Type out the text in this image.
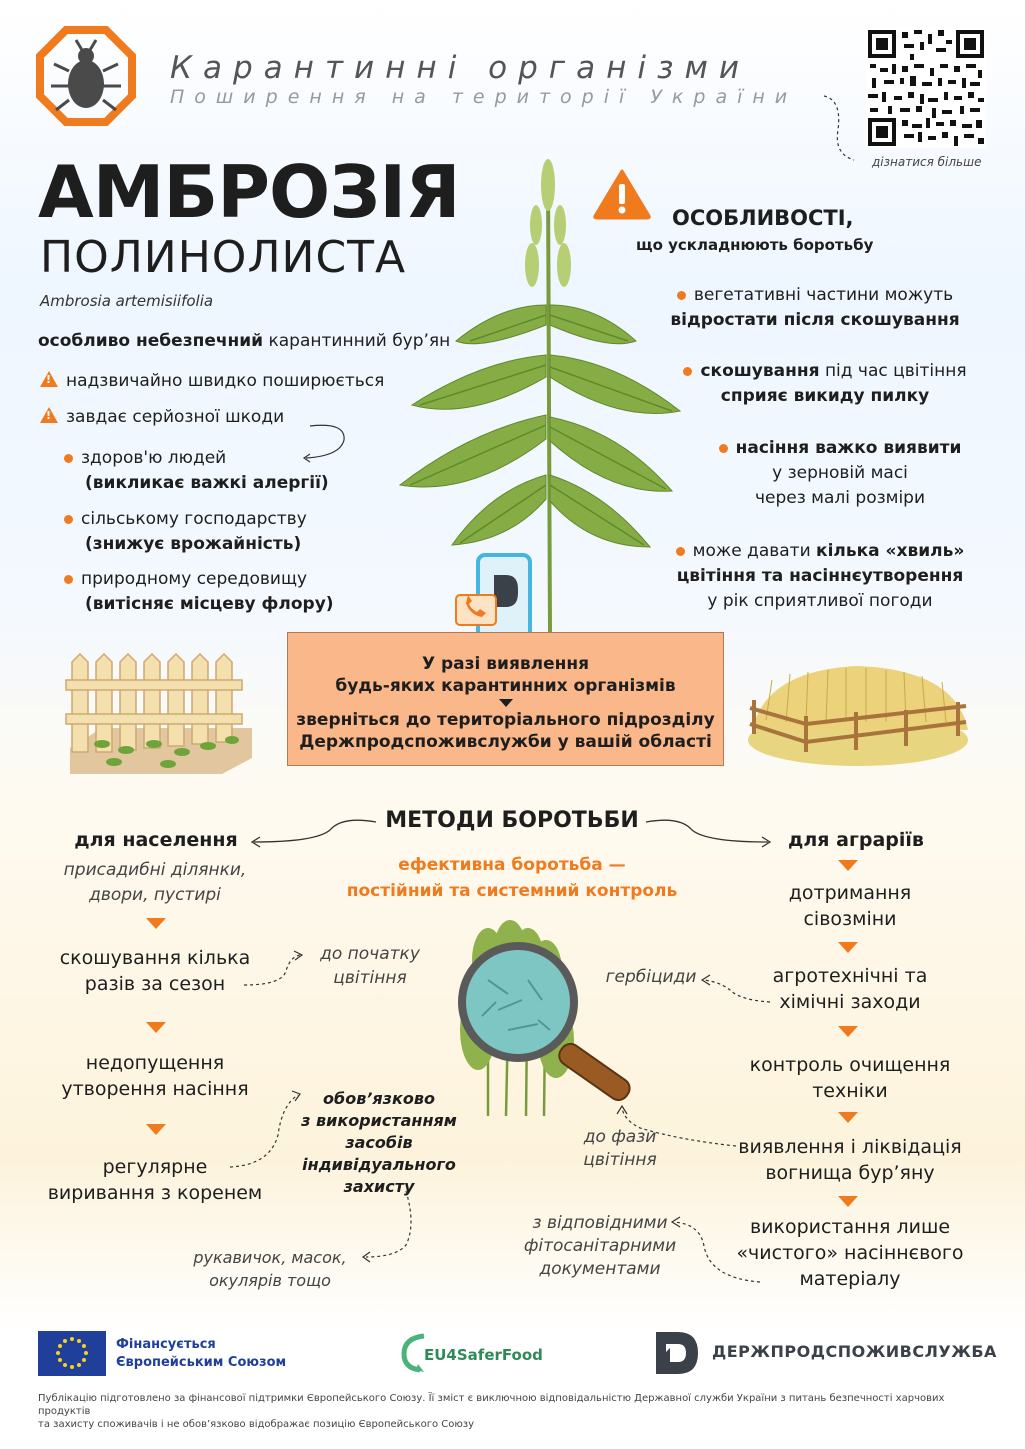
Карантинні організми
Поширення на території України
дізнатися більше
АМБРОЗІЯ
ПОЛИНОЛИСТА
Ambrosia artemisiifolia
особливо небезпечний карантинний бур’ян
!надзвичайно швидко поширюється
!завдає серйозної шкоди
здоров'ю людей
(викликає важкі алергії)
сільському господарству
(знижує врожайність)
природному середовищу
(витісняє місцеву флору)
ОСОБЛИВОСТІ,
що ускладнюють боротьбу
вегетативні частини можуть
відростати після скошування
скошування під час цвітіння
сприяє викиду пилку
насіння важко виявити
у зерновій масі
через малі розміри
може давати кілька «хвиль»
цвітіння та насіннєутворення
у рік сприятливої погоди
У разі виявлення
будь-яких карантинних організмів
зверніться до територіального підрозділу
Держпродспоживслужби у вашій області
МЕТОДИ БОРОТЬБИ
ефективна боротьба —
постійний та системний контроль
для населення
присадибні ділянки,
двори, пустирі
скошування кілька
разів за сезон
недопущення
утворення насіння
регулярне
виривання з коренем
до початку
цвітіння
обов’язково
з використанням
засобів
індивідуального
захисту
рукавичок, масок,
окулярів тощо
для аграріїв
дотримання
сівозміни
агротехнічні та
хімічні заходи
контроль очищення
техніки
виявлення і ліквідація
вогнища бур’яну
використання лише
«чистого» насіннєвого
матеріалу
гербіциди
до фази
цвітіння
з відповідними
фітосанітарними
документами
Фінансується
Європейським Союзом	EU4SaferFood	ДЕРЖПРОДСПОЖИВСЛУЖБА
Публікацію підготовлено за фінансової підтримки Європейського Союзу. Її зміст є виключною відповідальністю Державної служби України з питань безпечності харчових продуктів
та захисту споживачів і не обов’язково відображає позицію Європейського Союзу
